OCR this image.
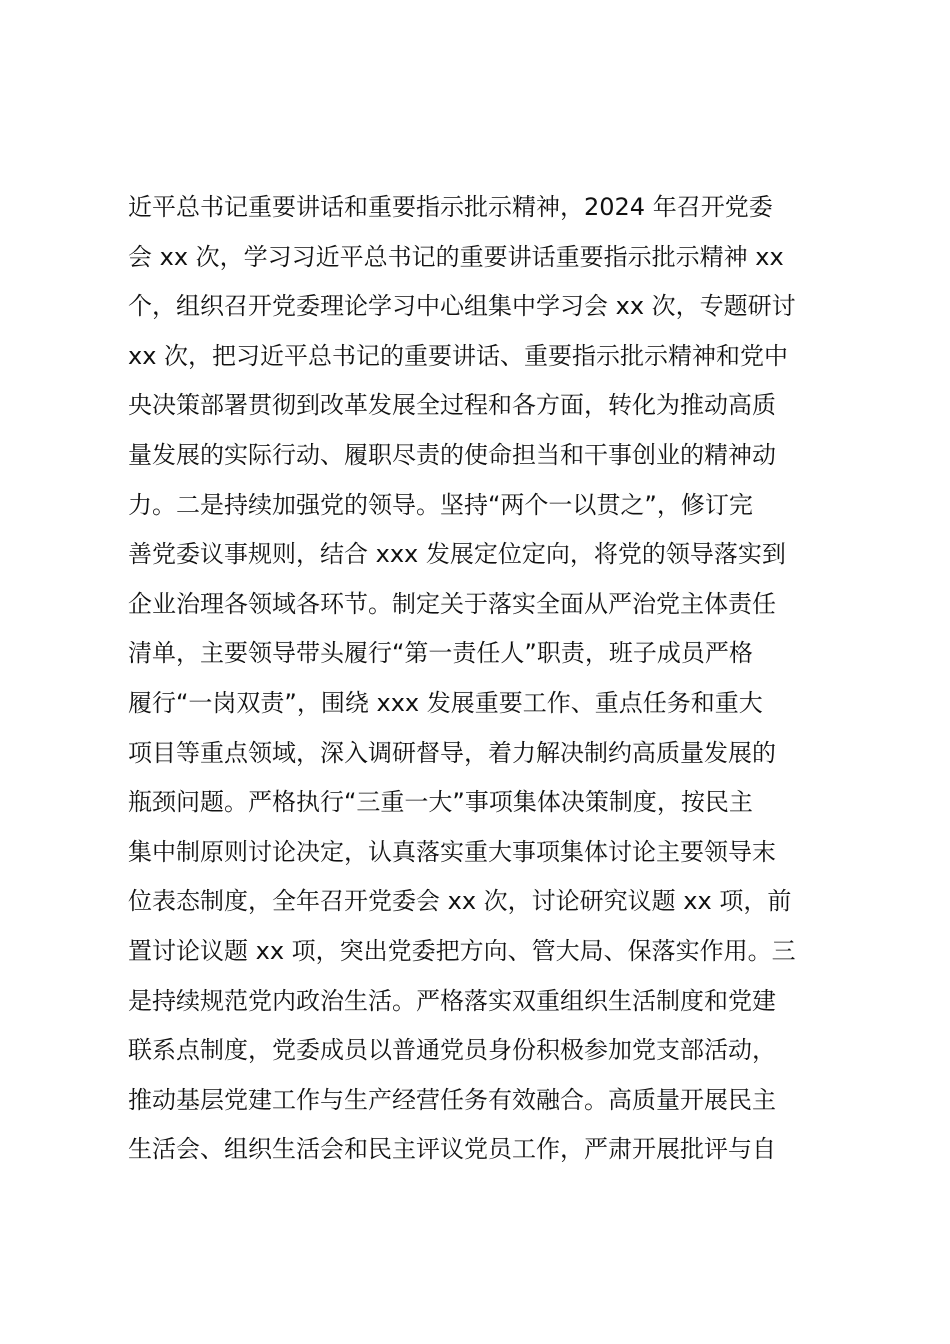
近平总书记重要讲话和重要指示批示精神，2024 年召开党委
会 xx 次，学习习近平总书记的重要讲话重要指示批示精神 xx
个，组织召开党委理论学习中心组集中学习会 xx 次，专题研讨
xx 次，把习近平总书记的重要讲话、重要指示批示精神和党中
央决策部署贯彻到改革发展全过程和各方面，转化为推动高质
量发展的实际行动、履职尽责的使命担当和干事创业的精神动
力。二是持续加强党的领导。坚持“两个一以贯之”，修订完
善党委议事规则，结合 xxx 发展定位定向，将党的领导落实到
企业治理各领域各环节。制定关于落实全面从严治党主体责任
清单，主要领导带头履行“第一责任人”职责，班子成员严格
履行“一岗双责”，围绕 xxx 发展重要工作、重点任务和重大
项目等重点领域，深入调研督导，着力解决制约高质量发展的
瓶颈问题。严格执行“三重一大”事项集体决策制度，按民主
集中制原则讨论决定，认真落实重大事项集体讨论主要领导末
位表态制度，全年召开党委会 xx 次，讨论研究议题 xx 项，前
置讨论议题 xx 项，突出党委把方向、管大局、保落实作用。三
是持续规范党内政治生活。严格落实双重组织生活制度和党建
联系点制度，党委成员以普通党员身份积极参加党支部活动，
推动基层党建工作与生产经营任务有效融合。高质量开展民主
生活会、组织生活会和民主评议党员工作，严肃开展批评与自
